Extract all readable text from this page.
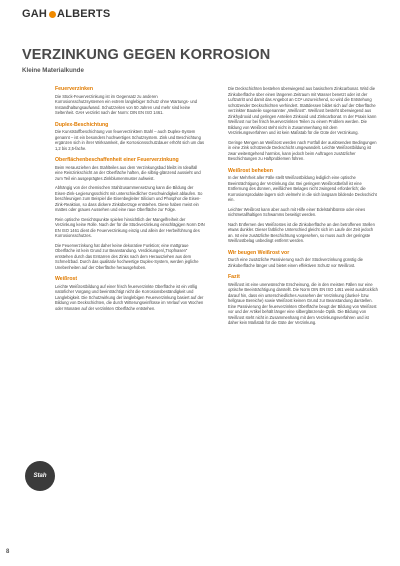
GAH ALBERTS
VERZINKUNG GEGEN KORROSION
Kleine Materialkunde
Feuerverzinken

Die Stück-Feuerverzinkung ist im Gegensatz zu anderen Korrosionsschutzsystemen ein extrem langlebiger Schutz ohne Wartungs- und Instandhaltungsaufwand. Schutzzeiten von 50 Jahren und mehr sind keine Seltenheit. GAH verzinkt nach der Norm: DIN EN ISO 1461.

Duplex-Beschichtung

Die Kunststoffbeschichtung von feuerverzinktem Stahl – auch Duplex-System genannt – ist ein besonders hochwertiges Schutzsystem. Zink und Beschichtung ergänzen sich in ihrer Wirksamkeit, die Korrosionsschutzdauer erhöht sich um das 1,2 bis 2,5-fache.

Oberflächenbeschaffenheit einer Feuerverzinkung

Beim Herausziehen des Stahlteiles aus dem Verzinkungsbad bleibt im Idealfall eine Reinzinkschicht an der Oberfläche haften, die silbrig-glänzend aussieht und zum Teil ein ausgeprägtes Zinkblumenmuster aufweist.

Abhängig von der chemischen Stahlzusammensetzung kann die Bildung der Eisen-Zink-Legierungsschicht mit unterschiedlicher Geschwindigkeit ablaufen. So beschleunigen zum Beispiel die Eisenbegleiter Silicium und Phosphor die Eisen-Zink-Reaktion, so dass dickere Zinküberzüge entstehen. Diese haben meist ein mattes oder graues Aussehen und eine raue Oberfläche zur Folge.

Rein optische Gesichtspunkte spielen hinsichtlich der Mangelfreiheit der Verzinkung keine Rolle. Nach der für die Stückverzinkung einschlägigen Norm DIN EN ISO 1461 dient die Feuerverzinkung einzig und allein der Herbeiführung des Korrosionsschutzes.

Die Feuerverzinkung hat daher keine dekorative Funktion; eine mattgraue Oberfläche ist kein Grund zur Beanstandung. Verdickungen/„Tropfnasen“ entstehen durch das Erstarren des Zinks nach dem Herausziehen aus dem Schmelzbad. Durch das qualitativ hochwertige Duplex-System, werden jegliche Unebenheiten auf der Oberfläche herausgehoben.

Weißrost

Leichte Weißrostbildung auf einer frisch feuerverzinkte Oberfläche ist ein völlig natürlicher Vorgang und beeinträchtigt nicht die Korrosionsbeständigkeit und Langlebigkeit. Die Schutzwirkung der langlebigen Feuerverzinkung basiert auf der Bildung von Deckschichten, die durch Witterungseinflüsse im Verlauf von Wochen oder Monaten auf der verzinkten Oberfläche entstehen.

Die Deckschichten bestehen überwiegend aus basischem Zinkcarbonat. Wird die Zinkoberfläche über einen längeren Zeitraum mit Wasser benetzt oder ist der Luftzutritt und damit das Angebot an CO² unzureichend, so wird die Entstehung schützender Deckschichten verhindert. Stattdessen bildet sich auf der Oberfläche verzinkter Bauteile sogenannter „Weißrost“. Weißrost besteht überwiegend aus Zinkhydroxid und geringen Anteilen Zinkoxid und Zinkcarbonat. In der Praxis kann Weißrost nur bei frisch feuerverzinkten Teilen zu einem Problem werden. Die Bildung von Weißrost steht nicht in Zusammenhang mit dem Verzinkungsverfahren und ist kein Maßstab für die Güte der Verzinkung.

Geringe Mengen an Weißrost werden nach Fortfall der auslösenden Bedingungen in eine Zink schützende Deckschicht umgewandelt. Leichte Weißrostbildung ist zwar weitestgehend harmlos, kann jedoch beim Auftragen zusätzlicher Beschichtungen zu Haftproblemen führen.

Weißrost beheben

In der Mehrheit aller Fälle stellt Weißrostbildung lediglich eine optische Beeinträchtigung der Verzinkung dar. Bei geringem Weißrostbefall ist eine Entfernung des dünnen, weißlichen Belages nicht zwingend erforderlich; die Korrosionsprodukte lagern sich vielmehr in die sich langsam bildende Deckschicht ein.

Leichter Weißrost kann aber auch mit Hilfe einer Edelstahlbürste oder eines nichtmetallhaltigen Schwamms beseitigt werden.

Nach Entfernen des Weißrostes ist die Zinkoberfläche an den betroffenen Stellen etwas dunkler. Dieser farbliche Unterschied gleicht sich im Laufe der Zeit jedoch an. Ist eine zusätzliche Beschichtung vorgesehen, so muss auch der geringste Weißrostbelag unbedingt entfernt werden.

Wir beugen Weißrost vor

Durch eine zusätzliche Passivierung nach der Stückverzinkung günstig die Zinkoberfläche länger und bietet einen effektiven Schutz vor Weißrost.

Fazit

Weißrost ist eine unerwünschte Erscheinung, die in den meisten Fällen nur eine optische Beeinträchtigung darstellt. Die Norm DIN EN ISO 1461 weist ausdrücklich darauf hin, dass ein unterschiedliches Aussehen der Verzinkung (dunkel- bzw. hellgraue Bereiche) sowie Weißrost keinen Grund zur Beanstandung darstellen. Eine Passivierung der feuerverzinkten Oberfläche beugt der Bildung von Weißrost vor und der Artikel behält länger eine silberglänzende Optik. Die Bildung von Weißrost steht nicht in Zusammenhang mit dem Verzinkungsverfahren und ist daher kein Maßstab für die Güte der Verzinkung.

Stah
8
